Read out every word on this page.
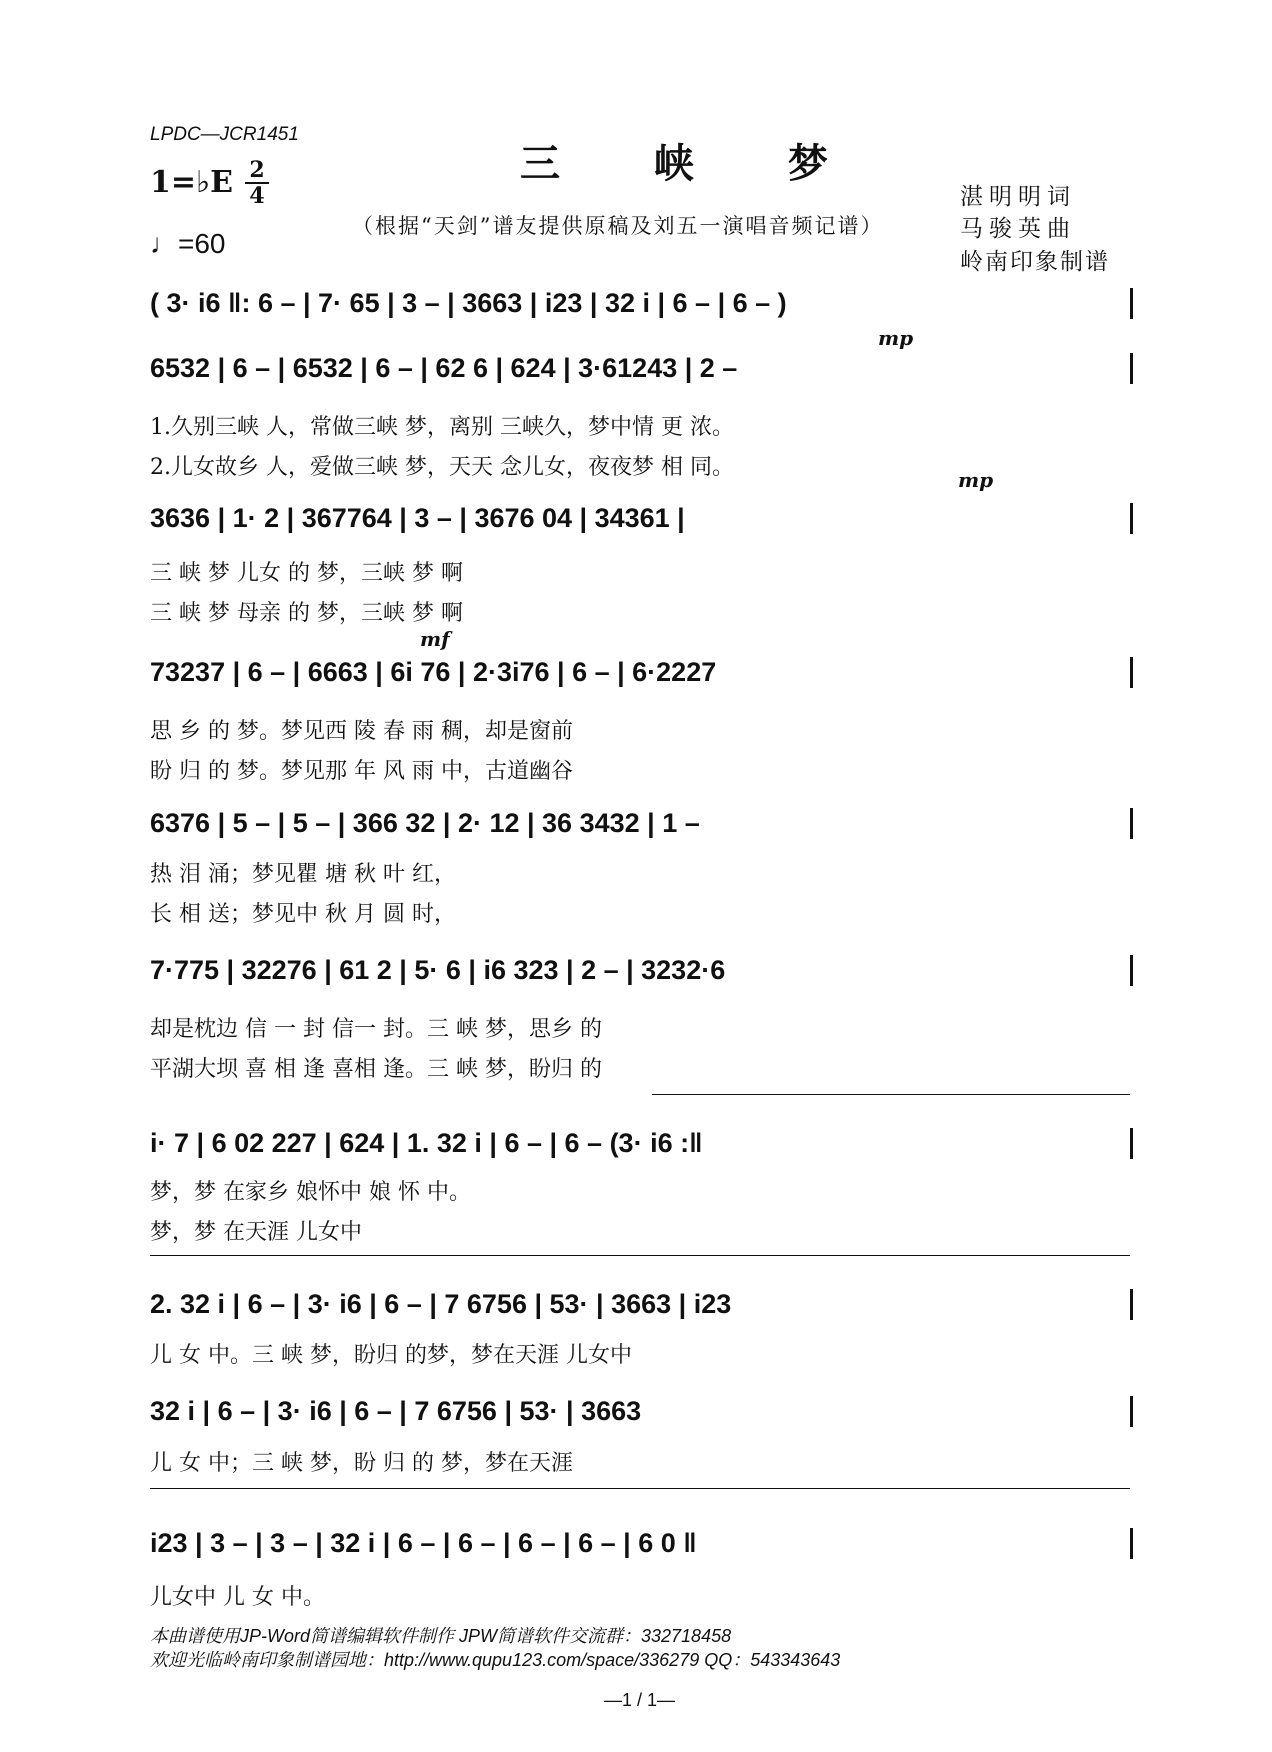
LPDC—JCR1451
三 峡 梦
1=♭E 2
4
♩=60
（根据“天剑”谱友提供原稿及刘五一演唱音频记谱）
湛明明词
马骏英曲
岭南印象制谱
mp
mp
mf
( 3· i6 ‖: 6 – | 7· 65 | 3 – | 3663 | i23 | 32 i | 6 – | 6 – )
6532 | 6 – | 6532 | 6 – | 62 6 | 624 | 3·61243 | 2 –
1.久别三峡 人，常做三峡 梦，离别 三峡久，梦中情 更 浓。
2.儿女故乡 人，爱做三峡 梦，天天 念儿女，夜夜梦 相 同。
3636 | 1· 2 | 367764 | 3 – | 3676 04 | 34361 |
三 峡 梦 儿女 的 梦，三峡 梦 啊
三 峡 梦 母亲 的 梦，三峡 梦 啊
73237 | 6 – | 6663 | 6i 76 | 2·3i76 | 6 – | 6·2227
思 乡 的 梦。梦见西 陵 春 雨 稠，却是窗前
盼 归 的 梦。梦见那 年 风 雨 中，古道幽谷
6376 | 5 – | 5 – | 366 32 | 2· 12 | 36 3432 | 1 –
热 泪 涌；梦见瞿 塘 秋 叶 红，
长 相 送；梦见中 秋 月 圆 时，
7·775 | 32276 | 61 2 | 5· 6 | i6 323 | 2 – | 3232·6
却是枕边 信 一 封 信一 封。三 峡 梦，思乡 的
平湖大坝 喜 相 逢 喜相 逢。三 峡 梦，盼归 的
i· 7 | 6 02 227 | 624 | 1. 32 i | 6 – | 6 – (3· i6 :‖
梦，梦 在家乡 娘怀中 娘 怀 中。
梦，梦 在天涯 儿女中
2. 32 i | 6 – | 3· i6 | 6 – | 7 6756 | 53· | 3663 | i23
儿 女 中。三 峡 梦，盼归 的梦，梦在天涯 儿女中
32 i | 6 – | 3· i6 | 6 – | 7 6756 | 53· | 3663
儿 女 中；三 峡 梦，盼 归 的 梦，梦在天涯
i23 | 3 – | 3 – | 32 i | 6 – | 6 – | 6 – | 6 – | 6 0 ‖
儿女中 儿 女 中。
本曲谱使用JP-Word简谱编辑软件制作 JPW简谱软件交流群：332718458
欢迎光临岭南印象制谱园地：http://www.qupu123.com/space/336279 QQ：543343643
—1 / 1—
